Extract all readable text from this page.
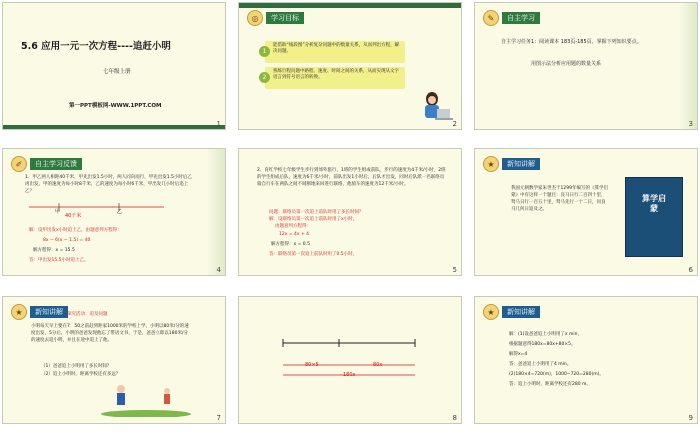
5.6 应用一元一次方程----追赶小明
七年级上册
第一PPT模板网-WWW.1PPT.COM
1
◎	学习目标
1
能借助“线段图”分析复杂问题中的数量关系，从而列出方程，解决问题。
2
熟练行程问题中路程、速度、时间之间的关系，从而实现从文字语言到符号语言的转换。
2
✎	自主学习
自主学习任务1：阅读课本 183页-185页，掌握下列知识要点。
用图示法分析应用题的数量关系
3
✐	自主学习反馈
1．甲乙两人相距40千米，甲先出发1.5小时，两人同向而行，甲先出发1.5小时后乙再出发，甲的速度为每小时8千米，乙的速度为每小时6千米，甲出发几小时后追上乙？
甲
40千米
乙
解：设甲出发x小时追上乙，由题意列方程得：
8x − 6(x − 1.5) = 40
解方程得：x = 15.5
答：甲出发15.5小时追上乙。
4
2．育红学校七年级学生步行到郊外旅行，1班的学生组成前队，步行的速度为4千米/小时，2班的学生组成后队，速度为6千米/小时，前队出发1小时后，后队才出发，同时后队派一名联络员骑自行车在两队之间不间断地来回进行联络，他骑车的速度为12千米/小时。
问题：联络员第一次追上前队时用了多长时间？
解：设联络员第一次追上前队时用了x小时，
由题意列方程得：
12x = 4x + 4
解方程得：x = 0.5
答：联络员第一次追上前队时用了0.5小时。
5
★	新知讲解
我国元朝数学家朱世杰于1299年编写的《算学启蒙》中有这样一个题目：良马日行二百四十里，驽马日行一百五十里，驽马先行一十二日，问良马几何日追及之。
算学启蒙
6
★	新知讲解 探究活动：追及问题
小明每天早上要在7：50之前赶到距家1000米的学校上学，小明以80米/分的速度出发，5分后，小明的爸爸发现他忘了带语文书，于是，爸爸立即以180米/分的速度去追小明，并且在途中追上了他。
（1）爸爸追上小明用了多长时间？
（2）追上小明时，距离学校还有多远？
7
80×5	80x
180x
8
★	新知讲解
解：(1)设爸爸追上小明用了x min，
根据题意得180x=80x+80×5。
解得x=4
答：爸爸追上小明用了4 min。
(2)180×4=720(m)，1000−720=280(m)。
答：追上小明时，距离学校还有280 m。
9
